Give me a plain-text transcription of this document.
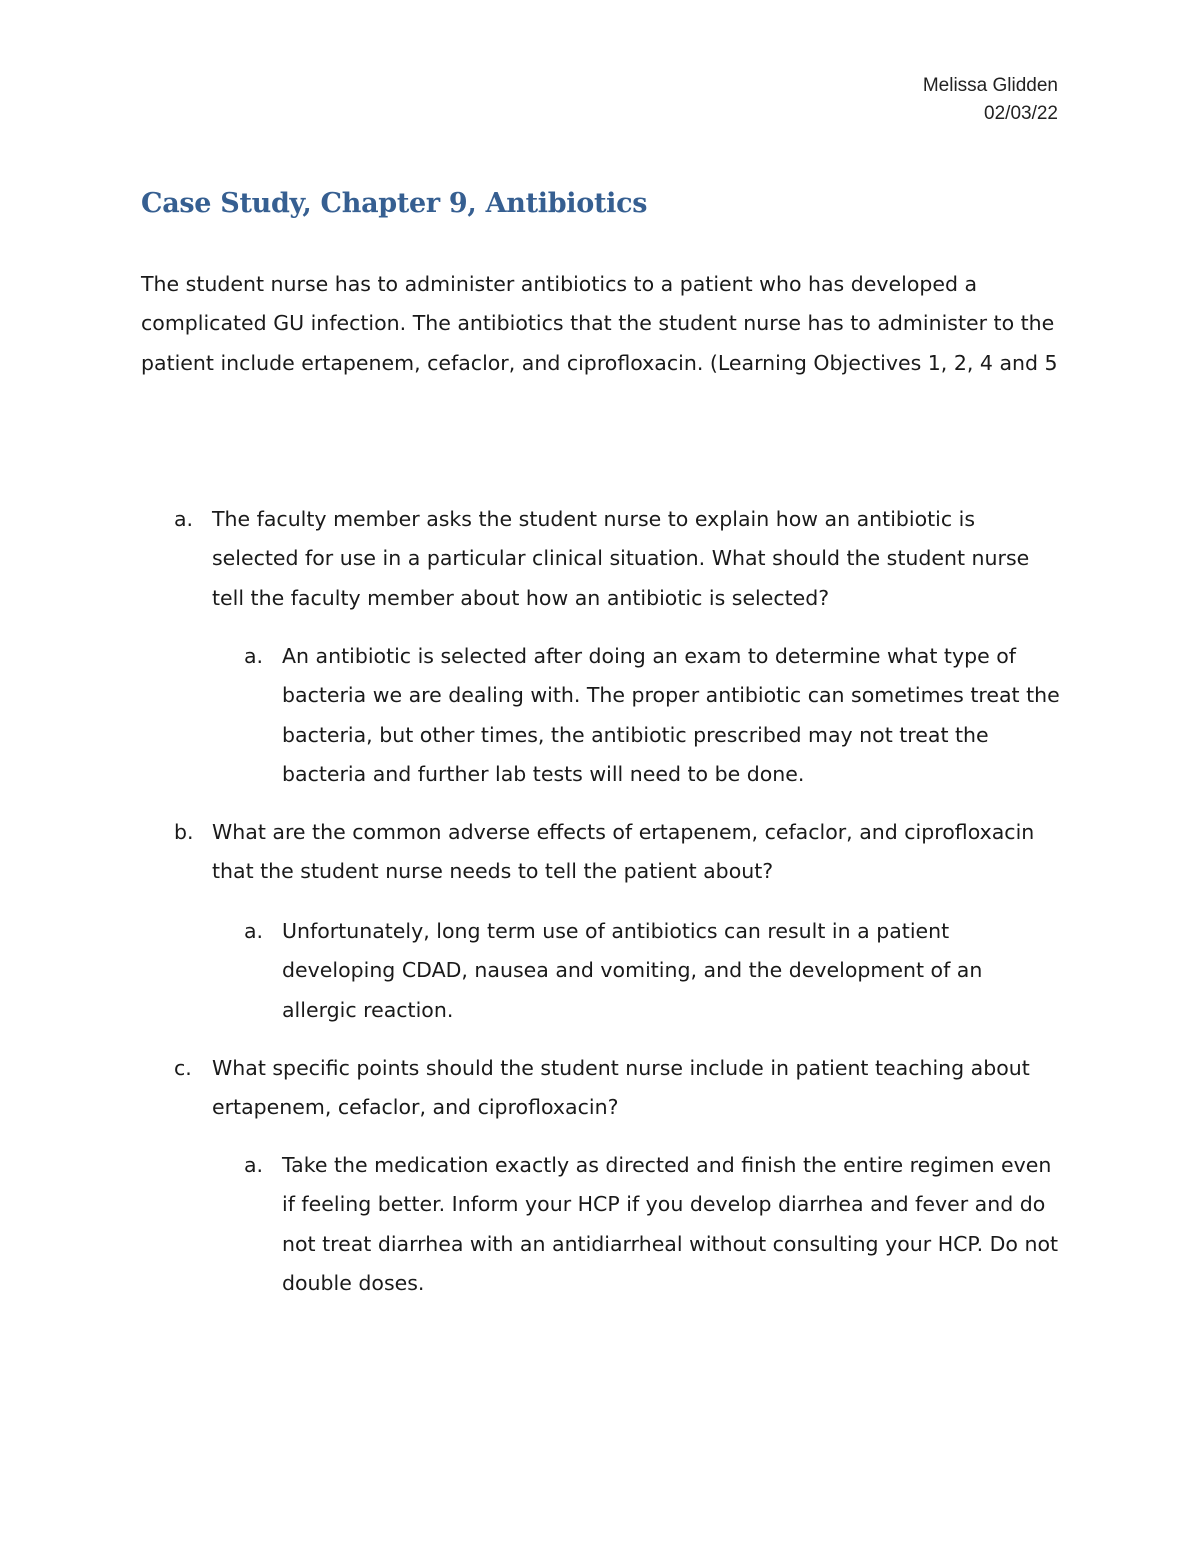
Melissa Glidden
02/03/22
Case Study, Chapter 9, Antibiotics

The student nurse has to administer antibiotics to a patient who has developed a complicated GU infection. The antibiotics that the student nurse has to administer to the patient include ertapenem, cefaclor, and ciprofloxacin. (Learning Objectives 1, 2, 4 and 5

a. The faculty member asks the student nurse to explain how an antibiotic is selected for use in a particular clinical situation. What should the student nurse tell the faculty member about how an antibiotic is selected?
a. An antibiotic is selected after doing an exam to determine what type of bacteria we are dealing with. The proper antibiotic can sometimes treat the bacteria, but other times, the antibiotic prescribed may not treat the bacteria and further lab tests will need to be done.
b. What are the common adverse effects of ertapenem, cefaclor, and ciprofloxacin that the student nurse needs to tell the patient about?
a. Unfortunately, long term use of antibiotics can result in a patient developing CDAD, nausea and vomiting, and the development of an allergic reaction.
c. What specific points should the student nurse include in patient teaching about ertapenem, cefaclor, and ciprofloxacin?
a. Take the medication exactly as directed and finish the entire regimen even if feeling better. Inform your HCP if you develop diarrhea and fever and do not treat diarrhea with an antidiarrheal without consulting your HCP. Do not double doses.
